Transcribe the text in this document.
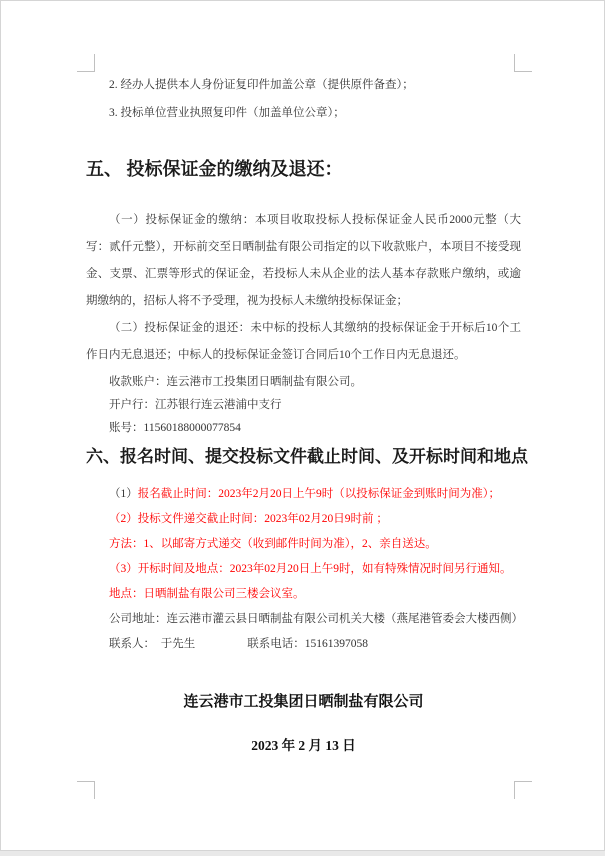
2. 经办人提供本人身份证复印件加盖公章（提供原件备查）；

3. 投标单位营业执照复印件（加盖单位公章）；

五、 投标保证金的缴纳及退还：

（一）投标保证金的缴纳：本项目收取投标人投标保证金人民币2000元整（大写：贰仟元整），开标前交至日晒制盐有限公司指定的以下收款账户，本项目不接受现金、支票、汇票等形式的保证金，若投标人未从企业的法人基本存款账户缴纳，或逾期缴纳的，招标人将不予受理，视为投标人未缴纳投标保证金；

（二）投标保证金的退还：未中标的投标人其缴纳的投标保证金于开标后10个工作日内无息退还；中标人的投标保证金签订合同后10个工作日内无息退还。

收款账户：连云港市工投集团日晒制盐有限公司。

开户行：江苏银行连云港浦中支行

账号：11560188000077854

六、报名时间、提交投标文件截止时间、及开标时间和地点

（1）报名截止时间：2023年2月20日上午9时（以投标保证金到账时间为准）；

（2）投标文件递交截止时间：2023年02月20日9时前 ；

方法：1、以邮寄方式递交（收到邮件时间为准），2、亲自送达。

（3）开标时间及地点：2023年02月20日上午9时，如有特殊情况时间另行通知。

地点：日晒制盐有限公司三楼会议室。

公司地址：连云港市灌云县日晒制盐有限公司机关大楼（燕尾港管委会大楼西侧）

联系人：  于先生	联系电话：15161397058

连云港市工投集团日晒制盐有限公司

2023 年 2 月 13 日
